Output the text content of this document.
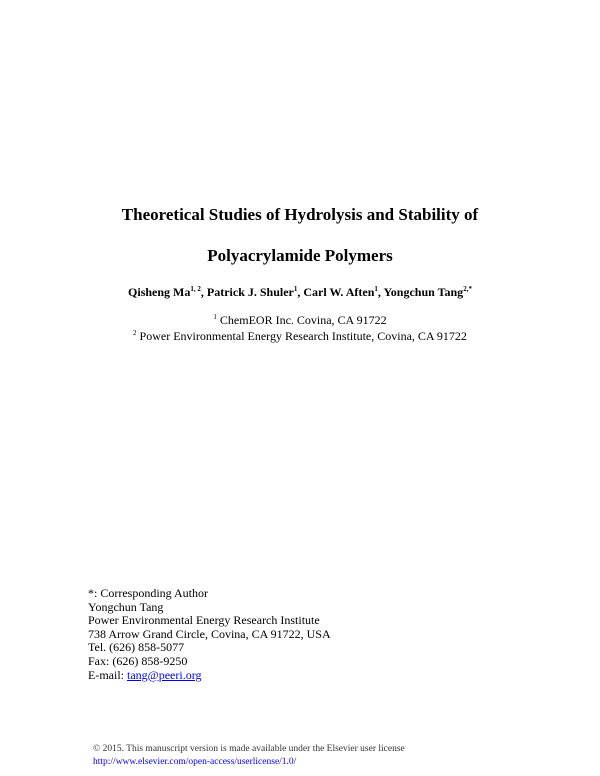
Theoretical Studies of Hydrolysis and Stability of
Polyacrylamide Polymers
Qisheng Ma$^{1, 2}$, Patrick J. Shuler$^1$, Carl W. Aften$^1$, Yongchun Tang$^{2,*}$
$^1$ ChemEOR Inc. Covina, CA 91722
$^2$ Power Environmental Energy Research Institute, Covina, CA 91722
*: Corresponding Author
Yongchun Tang
Power Environmental Energy Research Institute
738 Arrow Grand Circle, Covina, CA 91722, USA
Tel. (626) 858-5077
Fax: (626) 858-9250
E-mail: tang@peeri.org
© 2015. This manuscript version is made available under the Elsevier user license
http://www.elsevier.com/open-access/userlicense/1.0/
